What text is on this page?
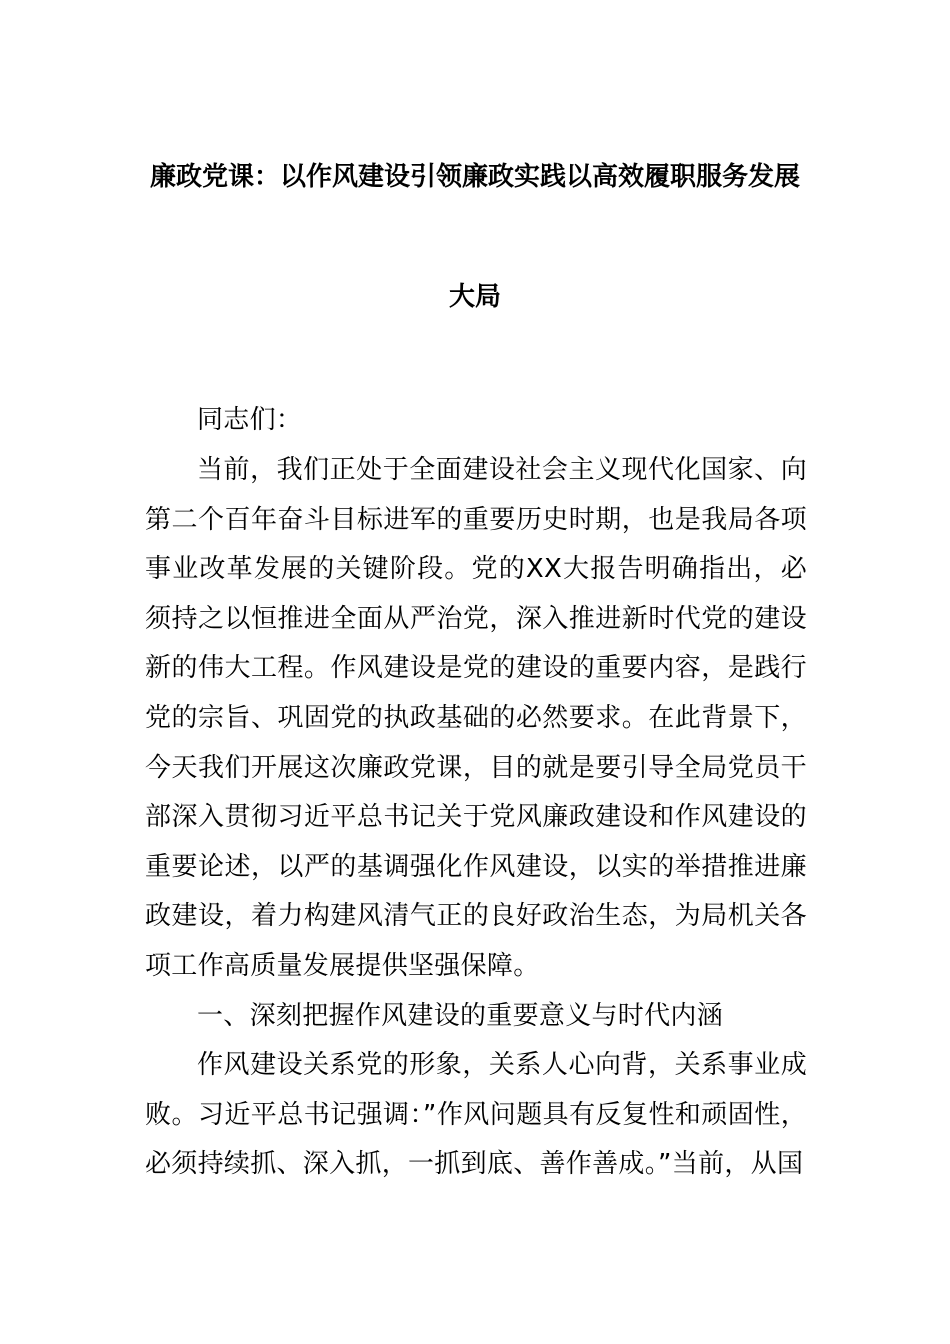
廉政党课：以作风建设引领廉政实践以高效履职服务发展
大局
同志们：

当前，我们正处于全面建设社会主义现代化国家、向第二个百年奋斗目标进军的重要历史时期，也是我局各项事业改革发展的关键阶段。党的XX大报告明确指出，必须持之以恒推进全面从严治党，深入推进新时代党的建设新的伟大工程。作风建设是党的建设的重要内容，是践行党的宗旨、巩固党的执政基础的必然要求。在此背景下，今天我们开展这次廉政党课，目的就是要引导全局党员干部深入贯彻习近平总书记关于党风廉政建设和作风建设的重要论述，以严的基调强化作风建设，以实的举措推进廉政建设，着力构建风清气正的良好政治生态，为局机关各项工作高质量发展提供坚强保障。

一、深刻把握作风建设的重要意义与时代内涵

作风建设关系党的形象，关系人心向背，关系事业成败。习近平总书记强调：”作风问题具有反复性和顽固性，必须持续抓、深入抓，一抓到底、善作善成。”当前，从国
